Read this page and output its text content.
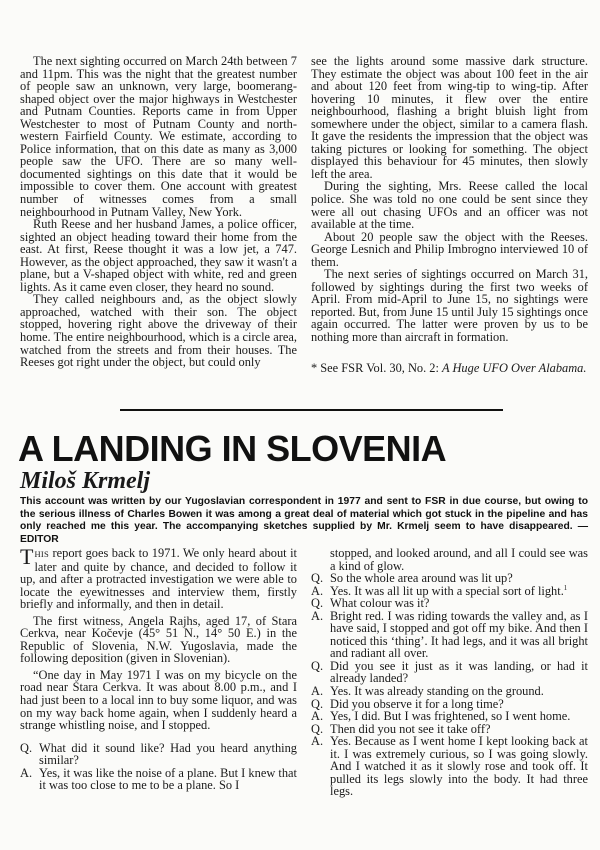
The next sighting occurred on March 24th between 7 and 11pm. This was the night that the greatest number of people saw an unknown, very large, boomerang-shaped object over the major highways in Westchester and Putnam Counties. Reports came in from Upper Westchester to most of Putnam County and north-western Fairfield County. We estimate, according to Police information, that on this date as many as 3,000 people saw the UFO. There are so many well-documented sightings on this date that it would be impossible to cover them. One account with greatest number of witnesses comes from a small neighbourhood in Putnam Valley, New York.

Ruth Reese and her husband James, a police officer, sighted an object heading toward their home from the east. At first, Reese thought it was a low jet, a 747. However, as the object approached, they saw it wasn't a plane, but a V-shaped object with white, red and green lights. As it came even closer, they heard no sound.

They called neighbours and, as the object slowly approached, watched with their son. The object stopped, hovering right above the driveway of their home. The entire neighbourhood, which is a circle area, watched from the streets and from their houses. The Reeses got right under the object, but could only

see the lights around some massive dark structure. They estimate the object was about 100 feet in the air and about 120 feet from wing-tip to wing-tip. After hovering 10 minutes, it flew over the entire neighbourhood, flashing a bright bluish light from somewhere under the object, similar to a camera flash. It gave the residents the impression that the object was taking pictures or looking for something. The object displayed this behaviour for 45 minutes, then slowly left the area.

During the sighting, Mrs. Reese called the local police. She was told no one could be sent since they were all out chasing UFOs and an officer was not available at the time.

About 20 people saw the object with the Reeses. George Lesnich and Philip Imbrogno interviewed 10 of them.

The next series of sightings occurred on March 31, followed by sightings during the first two weeks of April. From mid-April to June 15, no sightings were reported. But, from June 15 until July 15 sightings once again occurred. The latter were proven by us to be nothing more than aircraft in formation.

* See FSR Vol. 30, No. 2: A Huge UFO Over Alabama.

A LANDING IN SLOVENIA
Miloš Krmelj

This account was written by our Yugoslavian correspondent in 1977 and sent to FSR in due course, but owing to the serious illness of Charles Bowen it was among a great deal of material which got stuck in the pipeline and has only reached me this year. The accompanying sketches supplied by Mr. Krmelj seem to have disappeared. — EDITOR

THIS report goes back to 1971. We only heard about it later and quite by chance, and decided to follow it up, and after a protracted investigation we were able to locate the eyewitnesses and interview them, firstly briefly and informally, and then in detail.

The first witness, Angela Rajhs, aged 17, of Stara Cerkva, near Kočevje (45° 51 N., 14° 50 E.) in the Republic of Slovenia, N.W. Yugoslavia, made the following deposition (given in Slovenian).

“One day in May 1971 I was on my bicycle on the road near Stara Cerkva. It was about 8.00 p.m., and I had just been to a local inn to buy some liquor, and was on my way back home again, when I suddenly heard a strange whistling noise, and I stopped.

Q. What did it sound like? Had you heard anything similar?
A. Yes, it was like the noise of a plane. But I knew that it was too close to me to be a plane. So I
stopped, and looked around, and all I could see was a kind of glow.
Q. So the whole area around was lit up?
A. Yes. It was all lit up with a special sort of light.$^1$
Q. What colour was it?
A. Bright red. I was riding towards the valley and, as I have said, I stopped and got off my bike. And then I noticed this ‘thing’. It had legs, and it was all bright and radiant all over.
Q. Did you see it just as it was landing, or had it already landed?
A. Yes. It was already standing on the ground.
Q. Did you observe it for a long time?
A. Yes, I did. But I was frightened, so I went home.
Q. Then did you not see it take off?
A. Yes. Because as I went home I kept looking back at it. I was extremely curious, so I was going slowly. And I watched it as it slowly rose and took off. It pulled its legs slowly into the body. It had three legs.
